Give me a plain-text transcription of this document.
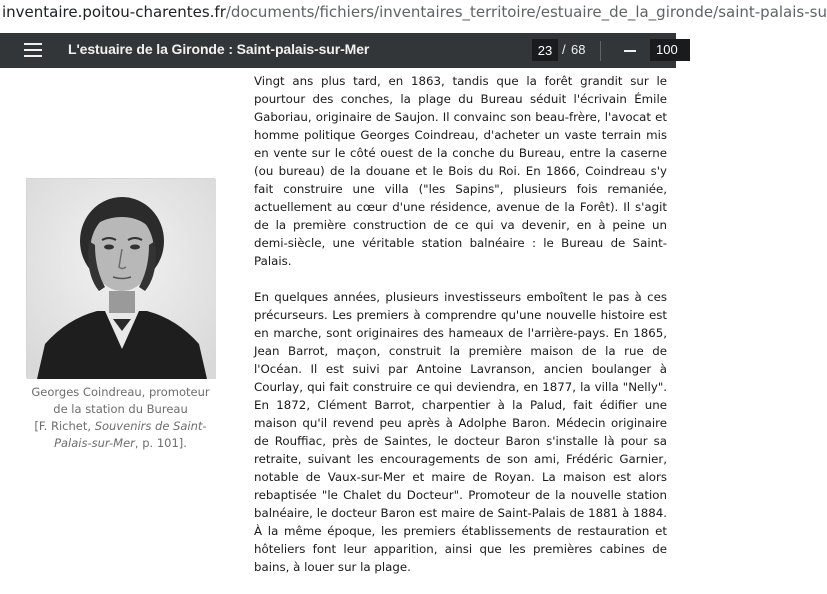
inventaire.poitou-charentes.fr/documents/fichiers/inventaires_territoire/estuaire_de_la_gironde/saint-palais-su
L'estuaire de la Gironde : Saint-palais-sur-Mer
23	/ 68	100
Georges Coindreau, promoteur
de la station du Bureau
[F. Richet, Souvenirs de Saint-
Palais-sur-Mer, p. 101].

Vingt ans plus tard, en 1863, tandis que la forêt grandit sur le pourtour des conches, la plage du Bureau séduit l'écrivain Émile Gaboriau, originaire de Saujon. Il convainc son beau-frère, l'avocat et homme politique Georges Coindreau, d'acheter un vaste terrain mis en vente sur le côté ouest de la conche du Bureau, entre la caserne (ou bureau) de la douane et le Bois du Roi. En 1866, Coindreau s'y fait construire une villa ("les Sapins", plusieurs fois remaniée, actuellement au cœur d'une résidence, avenue de la Forêt). Il s'agit de la première construction de ce qui va devenir, en à peine un demi-siècle, une véritable station balnéaire : le Bureau de Saint-Palais.

En quelques années, plusieurs investisseurs emboîtent le pas à ces précurseurs. Les premiers à comprendre qu'une nouvelle histoire est en marche, sont originaires des hameaux de l'arrière-pays. En 1865, Jean Barrot, maçon, construit la première maison de la rue de l'Océan. Il est suivi par Antoine Lavranson, ancien boulanger à Courlay, qui fait construire ce qui deviendra, en 1877, la villa "Nelly". En 1872, Clément Barrot, charpentier à la Palud, fait édifier une maison qu'il revend peu après à Adolphe Baron. Médecin originaire de Rouffiac, près de Saintes, le docteur Baron s'installe là pour sa retraite, suivant les encouragements de son ami, Frédéric Garnier, notable de Vaux-sur-Mer et maire de Royan. La maison est alors rebaptisée "le Chalet du Docteur". Promoteur de la nouvelle station balnéaire, le docteur Baron est maire de Saint-Palais de 1881 à 1884. À la même époque, les premiers établissements de restauration et hôteliers font leur apparition, ainsi que les premières cabines de bains, à louer sur la plage.
